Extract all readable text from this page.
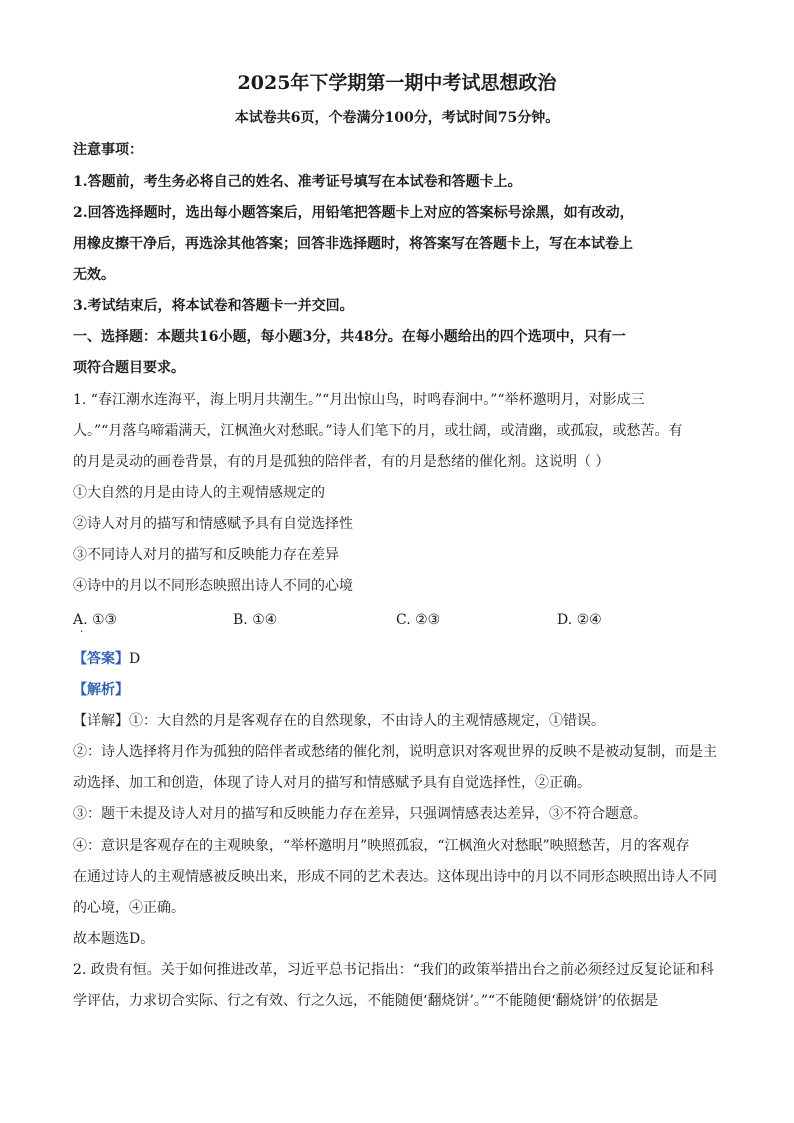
2025年下学期第一期中考试思想政治
本试卷共6页，个卷满分100分，考试时间75分钟。
注意事项：
1.答题前，考生务必将自己的姓名、准考证号填写在本试卷和答题卡上。
2.回答选择题时，选出每小题答案后，用铅笔把答题卡上对应的答案标号涂黑，如有改动，
用橡皮擦干净后，再选涂其他答案；回答非选择题时，将答案写在答题卡上，写在本试卷上
无效。
3.考试结束后，将本试卷和答题卡一并交回。
一、选择题：本题共16小题，每小题3分，共48分。在每小题给出的四个选项中，只有一
项符合题目要求。
1. “春江潮水连海平，海上明月共潮生。”“月出惊山鸟，时鸣春涧中。”“举杯邀明月，对影成三
人。”“月落乌啼霜满天，江枫渔火对愁眠。”诗人们笔下的月，或壮阔，或清幽，或孤寂，或愁苦。有
的月是灵动的画卷背景，有的月是孤独的陪伴者，有的月是愁绪的催化剂。这说明（ ）
①大自然的月是由诗人的主观情感规定的
②诗人对月的描写和情感赋予具有自觉选择性
③不同诗人对月的描写和反映能力存在差异
④诗中的月以不同形态映照出诗人不同的心境
A. ①③	B. ①④	C. ②③	D. ②④
·
【答案】D
【解析】
【详解】①：大自然的月是客观存在的自然现象，不由诗人的主观情感规定，①错误。
②：诗人选择将月作为孤独的陪伴者或愁绪的催化剂，说明意识对客观世界的反映不是被动复制，而是主
动选择、加工和创造，体现了诗人对月的描写和情感赋予具有自觉选择性，②正确。
③：题干未提及诗人对月的描写和反映能力存在差异，只强调情感表达差异，③不符合题意。
④：意识是客观存在的主观映象，“举杯邀明月”映照孤寂，“江枫渔火对愁眠”映照愁苦，月的客观存
在通过诗人的主观情感被反映出来，形成不同的艺术表达。这体现出诗中的月以不同形态映照出诗人不同
的心境，④正确。
故本题选D。
2. 政贵有恒。关于如何推进改革，习近平总书记指出：“我们的政策举措出台之前必须经过反复论证和科
学评估，力求切合实际、行之有效、行之久远，不能随便‘翻烧饼’。”“不能随便‘翻烧饼’的依据是
